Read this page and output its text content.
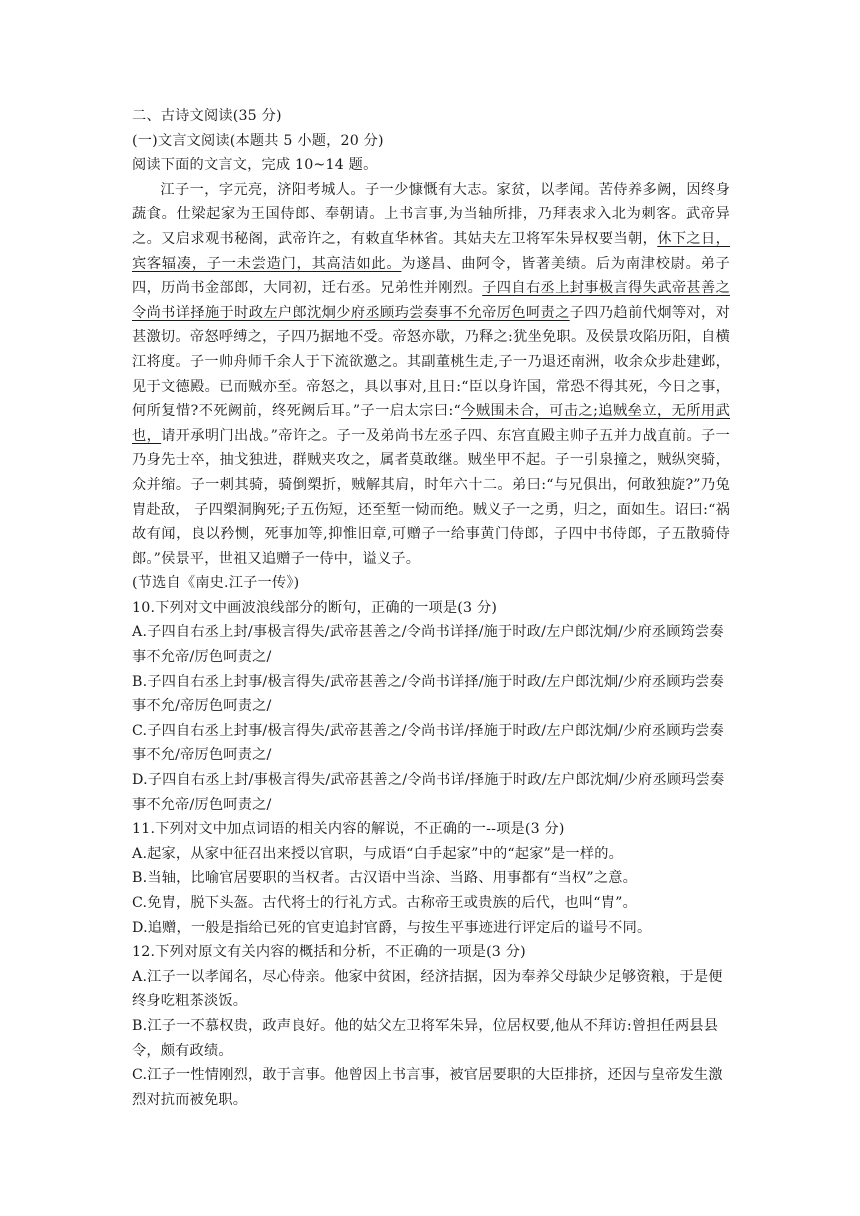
二、古诗文阅读(35 分)

(一)文言文阅读(本题共 5 小题，20 分)

阅读下面的文言文，完成 10~14 题。

江子一，字元亮，济阳考城人。子一少慷慨有大志。家贫，以孝闻。苦侍养多阙，因终身蔬食。仕梁起家为王国侍郎、奉朝请。上书言事,为当轴所排，乃拜表求入北为刺客。武帝异之。又启求观书秘阁，武帝许之，有敕直华林省。其姑夫左卫将军朱异权要当朝，休下之日，宾客辐凑，子一未尝造门，其高洁如此。为遂昌、曲阿令，皆著美绩。后为南津校尉。弟子四，历尚书金部郎，大同初，迁右丞。兄弟性并刚烈。子四自右丞上封事极言得失武帝甚善之令尚书详择施于时政左户郎沈炯少府丞顾玙尝奏事不允帝厉色呵责之子四乃趋前代炯等对，对甚激切。帝怒呼缚之，子四乃据地不受。帝怒亦歇，乃释之:犹坐免职。及侯景攻陷历阳，自横江将度。子一帅舟师千余人于下流欲邀之。其副董桃生走,子一乃退还南洲，收余众步赴建邺，见于文德殿。已而贼亦至。帝怒之，具以事对,且日:“臣以身许国，常恐不得其死，今日之事，何所复惜?不死阙前，终死阙后耳。”子一启太宗曰:“今贼围未合，可击之;追贼垒立，无所用武也，请开承明门出战。”帝许之。子一及弟尚书左丞子四、东宫直殿主帅子五并力战直前。子一乃身先士卒，抽戈独进，群贼夹攻之，属者莫敢继。贼坐甲不起。子一引泉撞之，贼纵突骑，众并缩。子一刺其骑，骑倒槊折，贼解其肩，时年六十二。弟曰:“与兄俱出，何敢独旋?”乃兔胄赴敌， 子四槊洞胸死;子五伤短，还至堑一恸而绝。贼义子一之勇，归之，面如生。诏曰:“祸故有闻，良以矜恻，死事加等,抑惟旧章,可赠子一给事黄门侍郎，子四中书侍郎，子五散骑侍郎。”侯景平，世祖又追赠子一侍中，谥义子。

(节选自《南史.江子一传》)

10.下列对文中画波浪线部分的断句，正确的一项是(3 分)

A.子四自右丞上封/事极言得失/武帝甚善之/令尚书详择/施于时政/左户郎沈炯/少府丞顾筠尝奏事不允帝/厉色呵责之/

B.子四自右丞上封事/极言得失/武帝甚善之/令尚书详择/施于时政/左户郎沈炯/少府丞顾玙尝奏事不允/帝厉色呵责之/

C.子四自右丞上封事/极言得失/武帝甚善之/令尚书详/择施于时政/左户郎沈炯/少府丞顾玙尝奏事不允/帝厉色呵责之/

D.子四自右丞上封/事极言得失/武帝甚善之/令尚书详/择施于时政/左户郎沈炯/少府丞顾玛尝奏事不允帝/厉色呵责之/

11.下列对文中加点词语的相关内容的解说，不正确的一--项是(3 分)

A.起家，从家中征召出来授以官职，与成语“白手起家”中的“起家”是一样的。

B.当轴，比喻官居要职的当权者。古汉语中当涂、当路、用事都有“当权”之意。

C.免胄，脱下头盔。古代将士的行礼方式。古称帝王或贵族的后代，也叫“胄”。

D.追赠，一般是指给已死的官吏追封官爵，与按生平事迹进行评定后的谥号不同。

12.下列对原文有关内容的概括和分析，不正确的一项是(3 分)

A.江子一以孝闻名，尽心侍亲。他家中贫困，经济拮据，因为奉养父母缺少足够资粮，于是便终身吃粗茶淡饭。

B.江子一不慕权贵，政声良好。他的姑父左卫将军朱异，位居权要,他从不拜访:曾担任两县县令，颇有政绩。

C.江子一性情刚烈，敢于言事。他曾因上书言事，被官居要职的大臣排挤，还因与皇帝发生激烈对抗而被免职。
